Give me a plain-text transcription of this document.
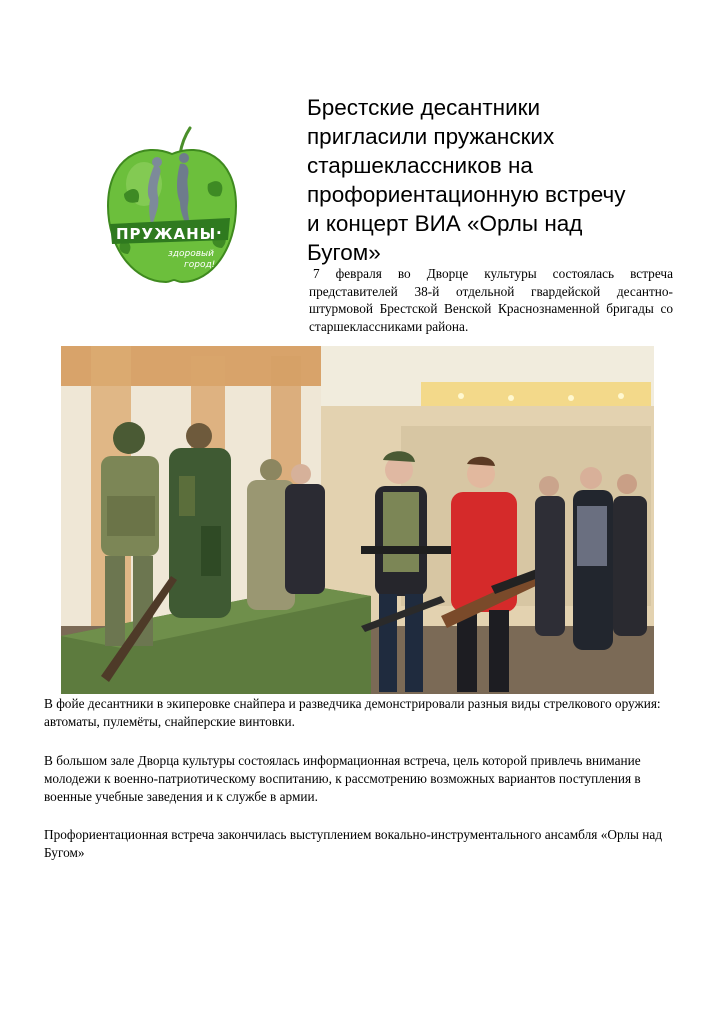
ПРУЖАНЫ ·
здоровый
город!
Брестские десантники
пригласили пружанских
старшеклассников на
профориентационную встречу
и концерт ВИА «Орлы над
Бугом»

7 февраля во Дворце культуры состоялась встреча представителей 38-й отдельной гвардейской десантно-штурмовой Брестской Венской Краснознаменной бригады со старшеклассниками района.

В фойе десантники в экиперовке снайпера и разведчика демонстрировали разныя виды стрелкового оружия: автоматы, пулемёты, снайперские винтовки.

В большом зале Дворца культуры состоялась информационная встреча, цель которой привлечь внимание молодежи к военно-патриотическому воспитанию, к рассмотрению возможных вариантов поступления в военные учебные заведения и к службе в армии.

Профориентационная встреча закончилась выступлением вокально-инструментального ансамбля «Орлы над Бугом»
